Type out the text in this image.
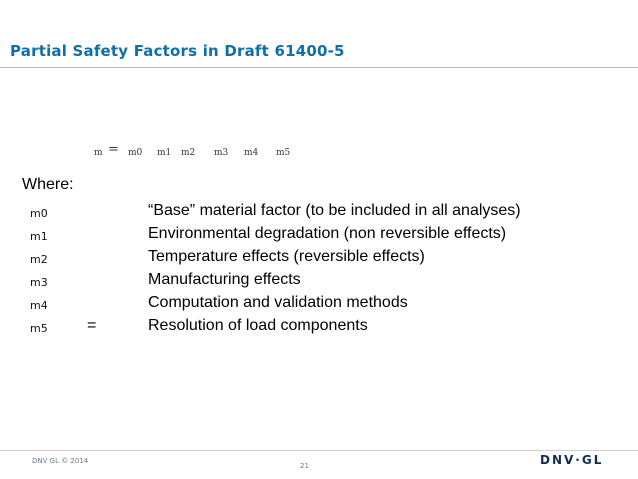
Partial Safety Factors in Draft 61400-5
m = m0 m1 m2 m3 m4 m5
Where:
m0	“Base” material factor (to be included in all analyses)
m1	Environmental degradation (non reversible effects)
m2	Temperature effects (reversible effects)
m3	Manufacturing effects
m4	Computation and validation methods
m5 =	Resolution of load components
DNV GL © 2014
21	DNV·GL
